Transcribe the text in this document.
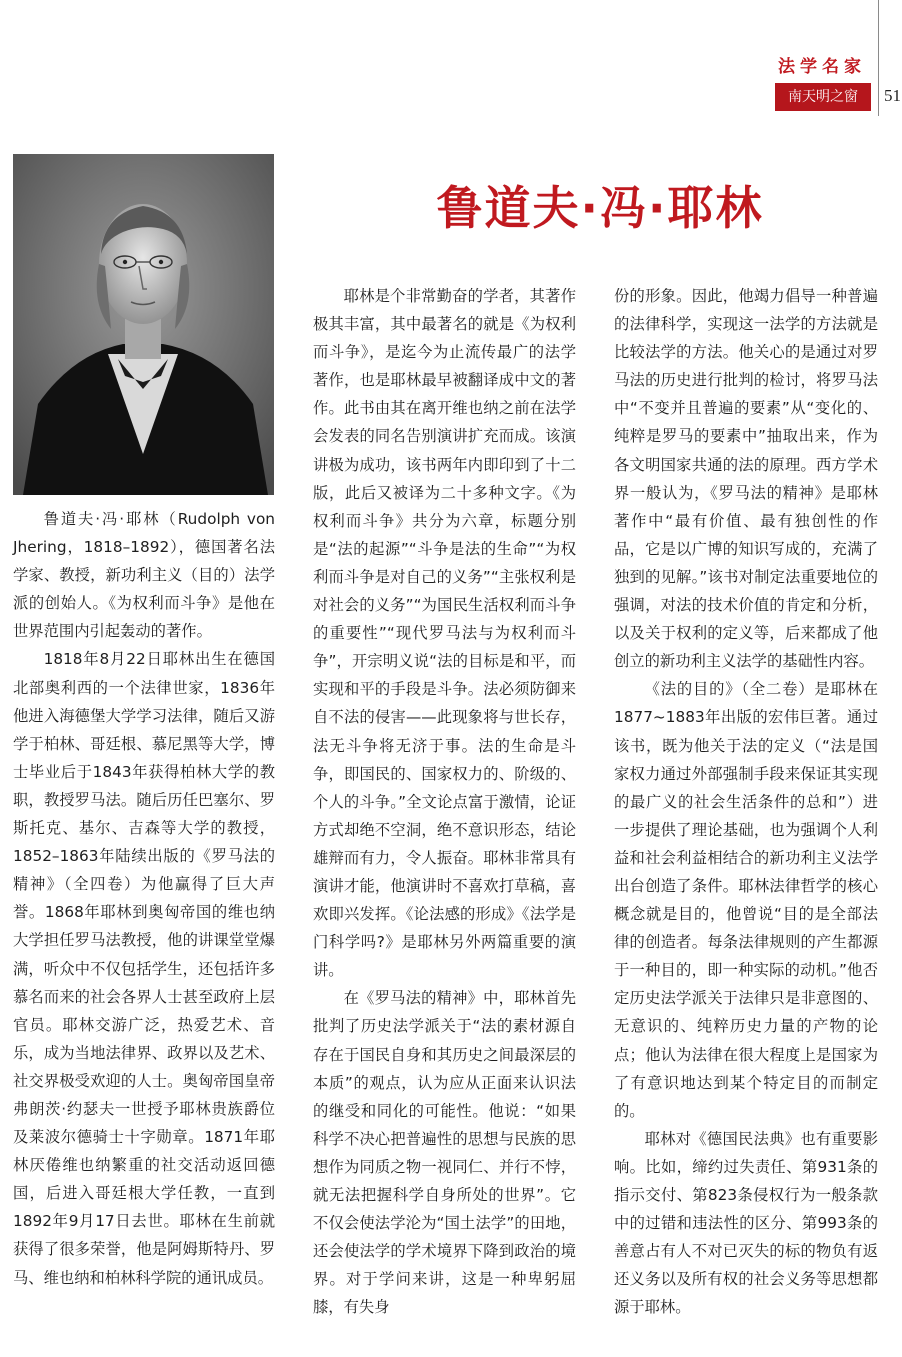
法学名家
南天明之窗	51
鲁道夫·冯·耶林

鲁道夫·冯·耶林（Rudolph von Jhering，1818–1892），德国著名法学家、教授，新功利主义（目的）法学派的创始人。《为权利而斗争》是他在世界范围内引起轰动的著作。

1818年8月22日耶林出生在德国北部奥利西的一个法律世家，1836年他进入海德堡大学学习法律，随后又游学于柏林、哥廷根、慕尼黑等大学，博士毕业后于1843年获得柏林大学的教职，教授罗马法。随后历任巴塞尔、罗斯托克、基尔、吉森等大学的教授，1852–1863年陆续出版的《罗马法的精神》（全四卷）为他赢得了巨大声誉。1868年耶林到奥匈帝国的维也纳大学担任罗马法教授，他的讲课堂堂爆满，听众中不仅包括学生，还包括许多慕名而来的社会各界人士甚至政府上层官员。耶林交游广泛，热爱艺术、音乐，成为当地法律界、政界以及艺术、社交界极受欢迎的人士。奥匈帝国皇帝弗朗茨·约瑟夫一世授予耶林贵族爵位及莱波尔德骑士十字勋章。1871年耶林厌倦维也纳繁重的社交活动返回德国，后进入哥廷根大学任教，一直到1892年9月17日去世。耶林在生前就获得了很多荣誉，他是阿姆斯特丹、罗马、维也纳和柏林科学院的通讯成员。

耶林是个非常勤奋的学者，其著作极其丰富，其中最著名的就是《为权利而斗争》，是迄今为止流传最广的法学著作，也是耶林最早被翻译成中文的著作。此书由其在离开维也纳之前在法学会发表的同名告别演讲扩充而成。该演讲极为成功，该书两年内即印到了十二版，此后又被译为二十多种文字。《为权利而斗争》共分为六章，标题分别是“法的起源”“斗争是法的生命”“为权利而斗争是对自己的义务”“主张权利是对社会的义务”“为国民生活权利而斗争的重要性”“现代罗马法与为权利而斗争”，开宗明义说“法的目标是和平，而实现和平的手段是斗争。法必须防御来自不法的侵害——此现象将与世长存，法无斗争将无济于事。法的生命是斗争，即国民的、国家权力的、阶级的、个人的斗争。”全文论点富于激情，论证方式却绝不空洞，绝不意识形态，结论雄辩而有力，令人振奋。耶林非常具有演讲才能，他演讲时不喜欢打草稿，喜欢即兴发挥。《论法感的形成》《法学是门科学吗?》是耶林另外两篇重要的演讲。

在《罗马法的精神》中，耶林首先批判了历史法学派关于“法的素材源自存在于国民自身和其历史之间最深层的本质”的观点，认为应从正面来认识法的继受和同化的可能性。他说：“如果科学不决心把普遍性的思想与民族的思想作为同质之物一视同仁、并行不悖，就无法把握科学自身所处的世界”。它不仅会使法学沦为“国土法学”的田地，还会使法学的学术境界下降到政治的境界。对于学问来讲，这是一种卑躬屈膝，有失身

份的形象。因此，他竭力倡导一种普遍的法律科学，实现这一法学的方法就是比较法学的方法。他关心的是通过对罗马法的历史进行批判的检讨，将罗马法中“不变并且普遍的要素”从“变化的、纯粹是罗马的要素中”抽取出来，作为各文明国家共通的法的原理。西方学术界一般认为，《罗马法的精神》是耶林著作中“最有价值、最有独创性的作品，它是以广博的知识写成的，充满了独到的见解。”该书对制定法重要地位的强调，对法的技术价值的肯定和分析，以及关于权利的定义等，后来都成了他创立的新功利主义法学的基础性内容。

《法的目的》（全二卷）是耶林在1877~1883年出版的宏伟巨著。通过该书，既为他关于法的定义（“法是国家权力通过外部强制手段来保证其实现的最广义的社会生活条件的总和”）进一步提供了理论基础，也为强调个人利益和社会利益相结合的新功利主义法学出台创造了条件。耶林法律哲学的核心概念就是目的，他曾说“目的是全部法律的创造者。每条法律规则的产生都源于一种目的，即一种实际的动机。”他否定历史法学派关于法律只是非意图的、无意识的、纯粹历史力量的产物的论点；他认为法律在很大程度上是国家为了有意识地达到某个特定目的而制定的。

耶林对《德国民法典》也有重要影响。比如，缔约过失责任、第931条的指示交付、第823条侵权行为一般条款中的过错和违法性的区分、第993条的善意占有人不对已灭失的标的物负有返还义务以及所有权的社会义务等思想都源于耶林。
